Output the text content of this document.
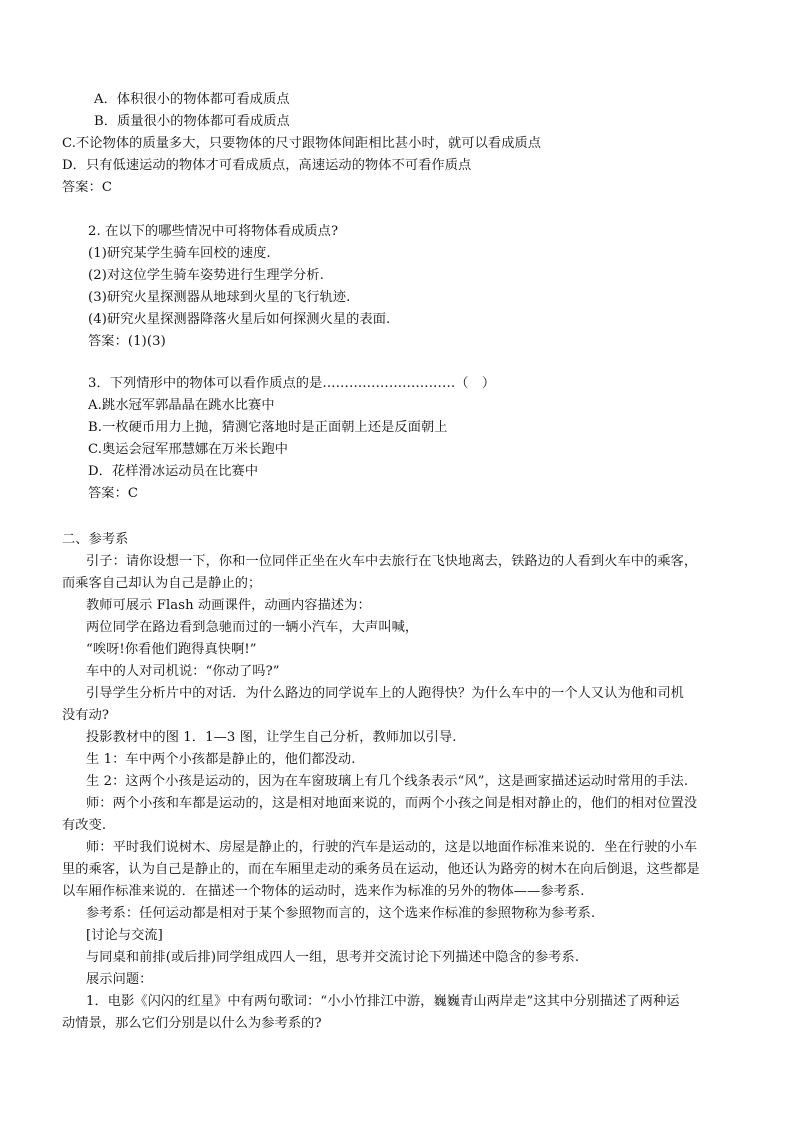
A．体积很小的物体都可看成质点
B．质量很小的物体都可看成质点
C.不论物体的质量多大，只要物体的尺寸跟物体间距相比甚小时，就可以看成质点
D．只有低速运动的物体才可看成质点，高速运动的物体不可看作质点
答案：C
2. 在以下的哪些情况中可将物体看成质点?
(1)研究某学生骑车回校的速度.
(2)对这位学生骑车姿势进行生理学分析.
(3)研究火星探测器从地球到火星的飞行轨迹.
(4)研究火星探测器降落火星后如何探测火星的表面.
答案：(1)(3)
3．下列情形中的物体可以看作质点的是…………………………（　）
A.跳水冠军郭晶晶在跳水比赛中
B.一枚硬币用力上抛，猜测它落地时是正面朝上还是反面朝上
C.奥运会冠军邢慧娜在万米长跑中
D．花样滑冰运动员在比赛中
答案：C
二、参考系
引子：请你设想一下，你和一位同伴正坐在火车中去旅行在飞快地离去，铁路边的人看到火车中的乘客，
而乘客自己却认为自己是静止的；
教师可展示 Flash 动画课件，动画内容描述为：
两位同学在路边看到急驰而过的一辆小汽车，大声叫喊，
“唉呀!你看他们跑得真快啊!”
车中的人对司机说：“你动了吗?”
引导学生分析片中的对话．为什么路边的同学说车上的人跑得快？为什么车中的一个人又认为他和司机
没有动?
投影教材中的图 1．1—3 图，让学生自己分析，教师加以引导.
生 1：车中两个小孩都是静止的，他们都没动.
生 2：这两个小孩是运动的，因为在车窗玻璃上有几个线条表示“风”，这是画家描述运动时常用的手法.
师：两个小孩和车都是运动的，这是相对地面来说的，而两个小孩之间是相对静止的，他们的相对位置没
有改变.
师：平时我们说树木、房屋是静止的，行驶的汽车是运动的，这是以地面作标准来说的．坐在行驶的小车
里的乘客，认为自己是静止的，而在车厢里走动的乘务员在运动，他还认为路旁的树木在向后倒退，这些都是
以车厢作标准来说的．在描述一个物体的运动时，选来作为标准的另外的物体——参考系.
参考系：任何运动都是相对于某个参照物而言的，这个选来作标准的参照物称为参考系.
[讨论与交流]
与同桌和前排(或后排)同学组成四人一组，思考并交流讨论下列描述中隐含的参考系.
展示问题：
1．电影《闪闪的红星》中有两句歌词：“小小竹排江中游，巍巍青山两岸走”这其中分别描述了两种运
动情景，那么它们分别是以什么为参考系的?
